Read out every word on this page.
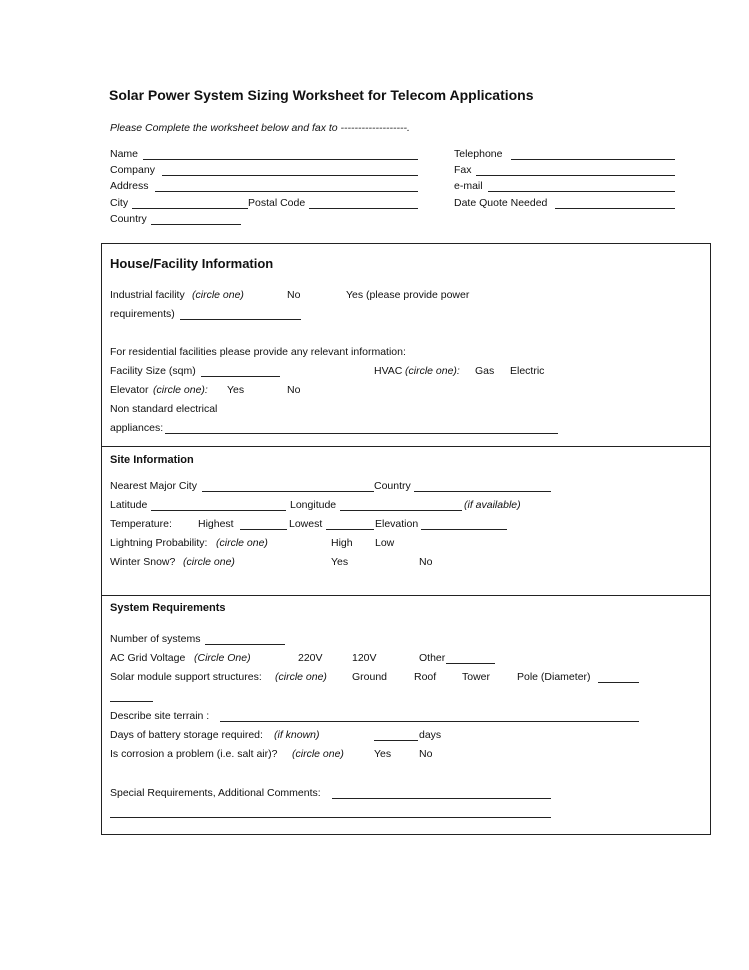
Solar Power System Sizing Worksheet for Telecom Applications
Please Complete the worksheet below and fax to -------------------.
Name
Company
Address
City	Postal Code
Country
Telephone
Fax
e-mail
Date Quote Needed
House/Facility Information
Industrial facility (circle one)	No	Yes (please provide power
requirements)
For residential facilities please provide any relevant information:
Facility Size (sqm)	HVAC (circle one): Gas Electric
Elevator (circle one): Yes	No
Non standard electrical
appliances:
Site Information
Nearest Major City	Country
Latitude	Longitude	(if available)
Temperature: Highest	Lowest	Elevation
Lightning Probability: (circle one)	High Low
Winter Snow? (circle one)	Yes	No
System Requirements
Number of systems
AC Grid Voltage (Circle One)	220V	120V	Other
Solar module support structures: (circle one) Ground	Roof Tower	Pole (Diameter)
Describe site terrain :
Days of battery storage required: (if known)	days
Is corrosion a problem (i.e. salt air)? (circle one)	Yes	No
Special Requirements, Additional Comments:
